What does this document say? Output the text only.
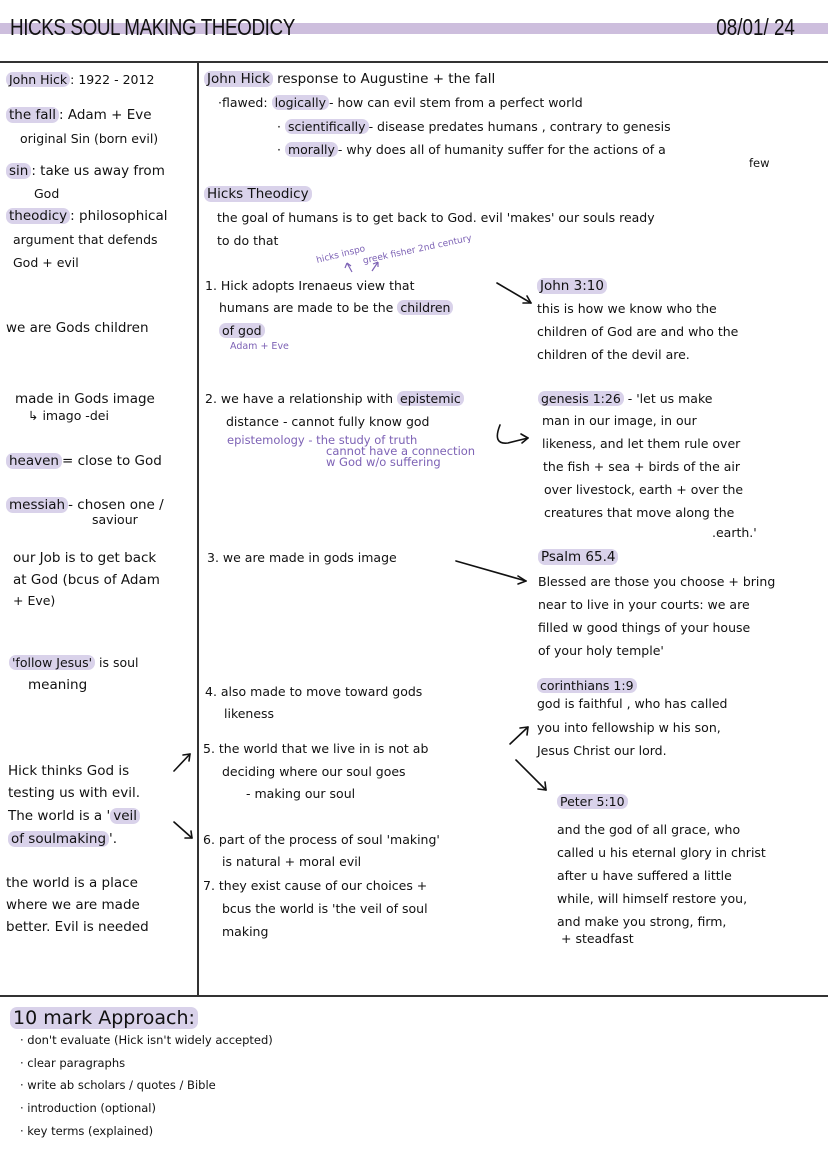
HICKS SOUL MAKING THEODICY	08/01/ 24
John Hick : 1922 - 2012
the fall : Adam + Eve
original Sin (born evil)
sin : take us away from
God
theodicy : philosophical
argument that defends
God + evil
we are Gods children
made in Gods image
↳ imago -dei
heaven = close to God
messiah - chosen one /
saviour
our Job is to get back
at God (bcus of Adam
+ Eve)
'follow Jesus' is soul
meaning
Hick thinks God is
testing us with evil.
The world is a ' veil
of soulmaking '.
the world is a place
where we are made
better. Evil is needed
John Hick response to Augustine + the fall
·flawed: logically - how can evil stem from a perfect world
· scientifically - disease predates humans , contrary to genesis
· morally - why does all of humanity suffer for the actions of a
few
Hicks Theodicy
the goal of humans is to get back to God. evil 'makes' our souls ready
to do that
hicks inspo
greek fisher 2nd century
1. Hick adopts Irenaeus view that
humans are made to be the children
of god
Adam + Eve
2. we have a relationship with epistemic
distance - cannot fully know god
epistemology - the study of truth
cannot have a connection
w God w/o suffering
3. we are made in gods image
4. also made to move toward gods
likeness
5. the world that we live in is not ab
deciding where our soul goes
- making our soul
6. part of the process of soul 'making'
is natural + moral evil
7. they exist cause of our choices +
bcus the world is 'the veil of soul
making
John 3:10
this is how we know who the
children of God are and who the
children of the devil are.
genesis 1:26 - 'let us make
man in our image, in our
likeness, and let them rule over
the fish + sea + birds of the air
over livestock, earth + over the
creatures that move along the
.earth.'
Psalm 65.4
Blessed are those you choose + bring
near to live in your courts: we are
filled w good things of your house
of your holy temple'
corinthians 1:9
god is faithful , who has called
you into fellowship w his son,
Jesus Christ our lord.
Peter 5:10
and the god of all grace, who
called u his eternal glory in christ
after u have suffered a little
while, will himself restore you,
and make you strong, firm,
+ steadfast
10 mark Approach:
· don't evaluate (Hick isn't widely accepted)
· clear paragraphs
· write ab scholars / quotes / Bible
· introduction (optional)
· key terms (explained)
